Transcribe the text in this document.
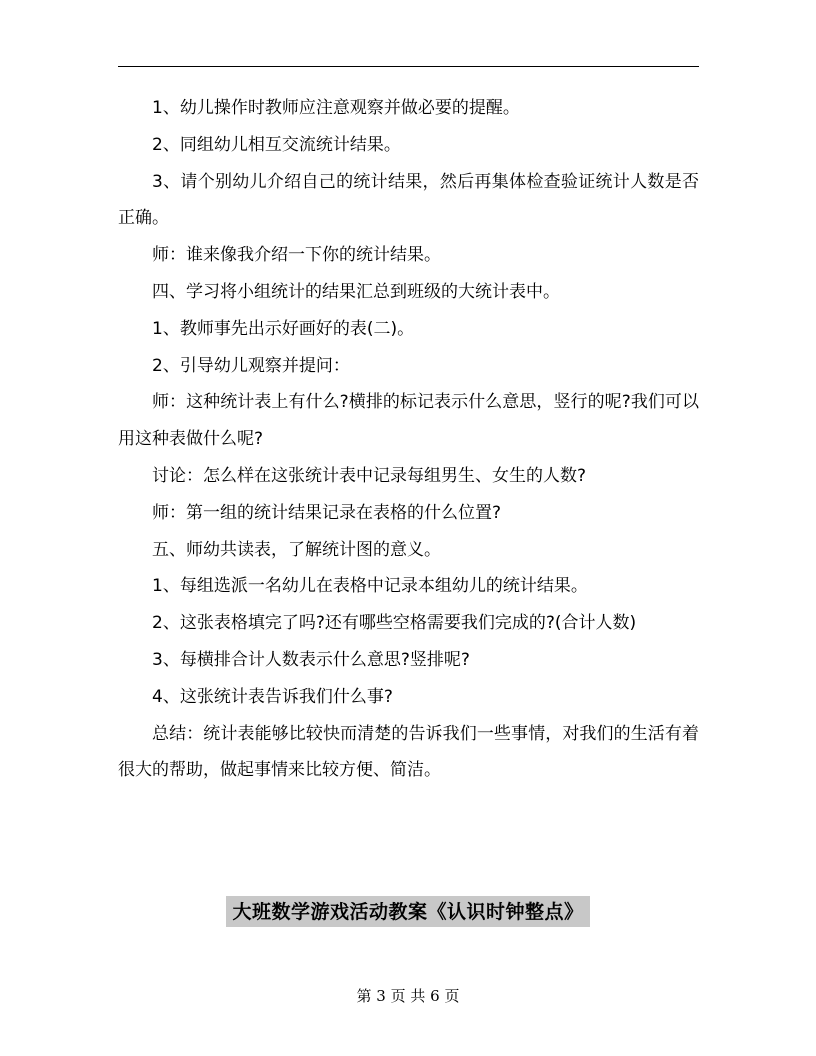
1、幼儿操作时教师应注意观察并做必要的提醒。

2、同组幼儿相互交流统计结果。

3、请个别幼儿介绍自己的统计结果，然后再集体检查验证统计人数是否正确。

师：谁来像我介绍一下你的统计结果。

四、学习将小组统计的结果汇总到班级的大统计表中。

1、教师事先出示好画好的表(二)。

2、引导幼儿观察并提问：

师：这种统计表上有什么?横排的标记表示什么意思，竖行的呢?我们可以用这种表做什么呢?

讨论：怎么样在这张统计表中记录每组男生、女生的人数?

师：第一组的统计结果记录在表格的什么位置?

五、师幼共读表，了解统计图的意义。

1、每组选派一名幼儿在表格中记录本组幼儿的统计结果。

2、这张表格填完了吗?还有哪些空格需要我们完成的?(合计人数)

3、每横排合计人数表示什么意思?竖排呢?

4、这张统计表告诉我们什么事?

总结：统计表能够比较快而清楚的告诉我们一些事情，对我们的生活有着很大的帮助，做起事情来比较方便、简洁。

大班数学游戏活动教案《认识时钟整点》
第 3 页 共 6 页
